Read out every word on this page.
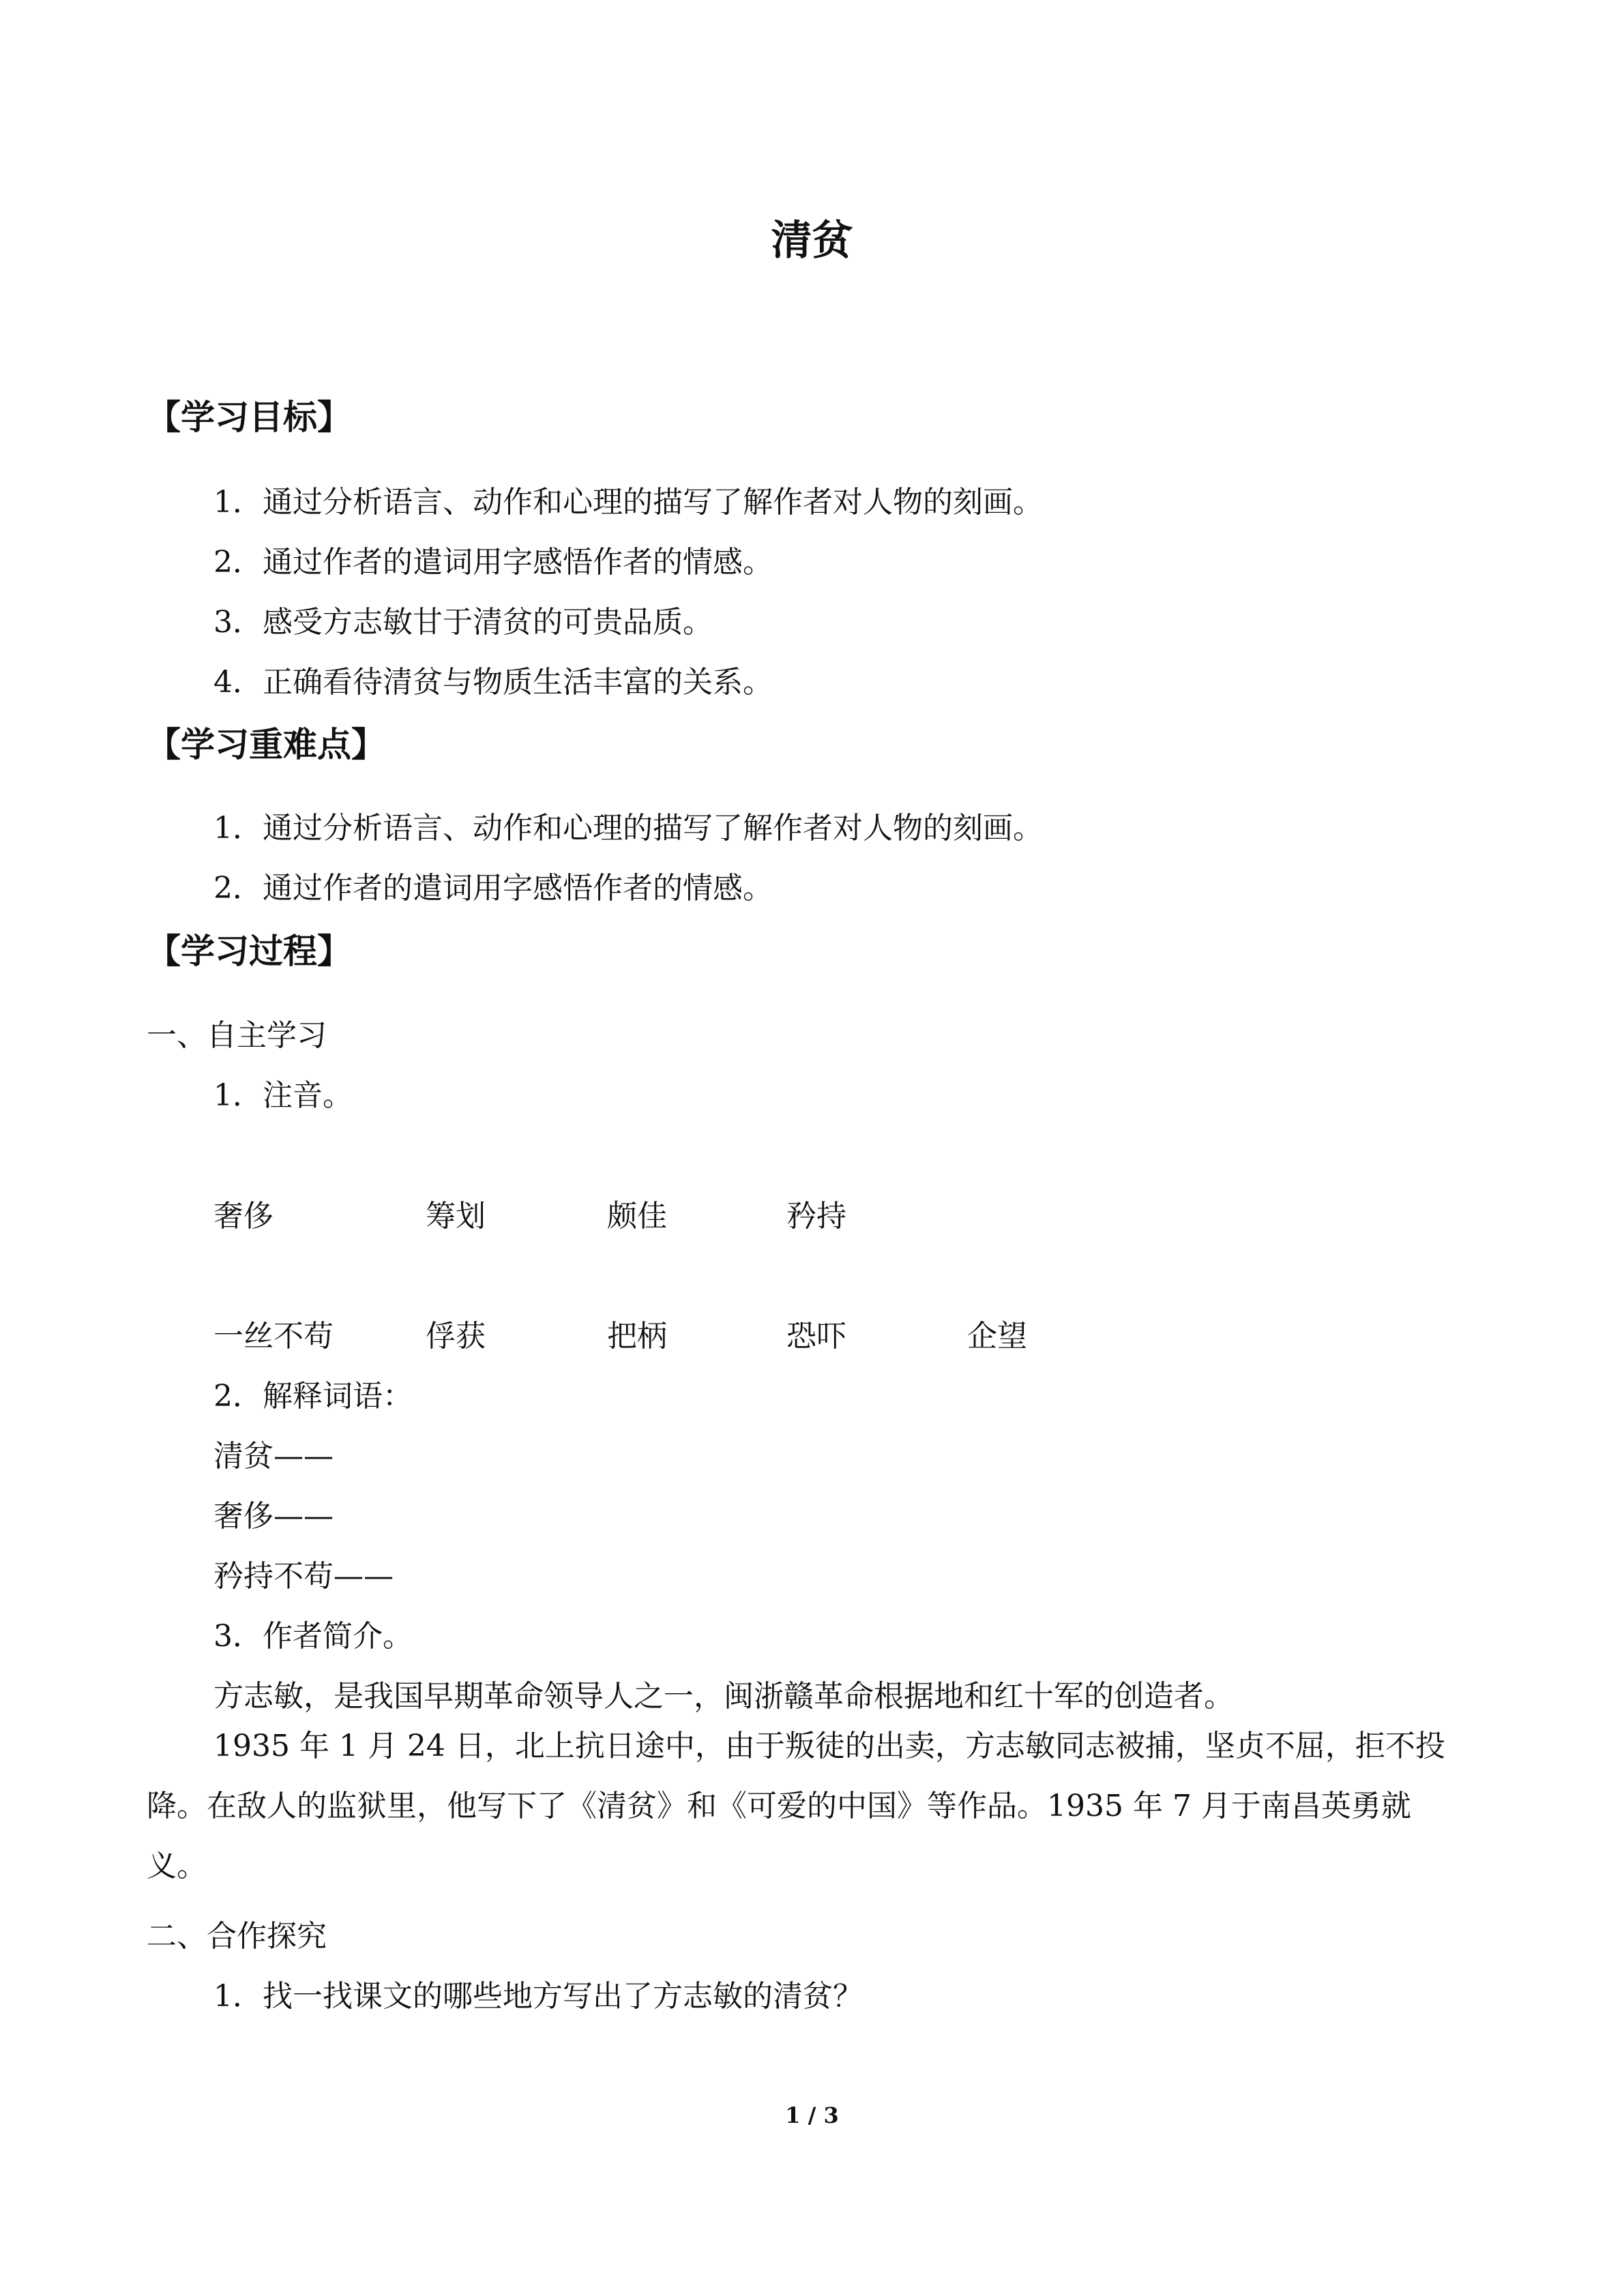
清贫
【学习目标】
1．通过分析语言、动作和心理的描写了解作者对人物的刻画。
2．通过作者的遣词用字感悟作者的情感。
3．感受方志敏甘于清贫的可贵品质。
4．正确看待清贫与物质生活丰富的关系。
【学习重难点】
1．通过分析语言、动作和心理的描写了解作者对人物的刻画。
2．通过作者的遣词用字感悟作者的情感。
【学习过程】
一、自主学习
1．注音。
奢侈	筹划	颇佳	矜持
一丝不苟	俘获	把柄	恐吓	企望
2．解释词语：
清贫——
奢侈——
矜持不苟——
3．作者简介。
方志敏，是我国早期革命领导人之一，闽浙赣革命根据地和红十军的创造者。
1935 年 1 月 24 日，北上抗日途中，由于叛徒的出卖，方志敏同志被捕，坚贞不屈，拒不投降。在敌人的监狱里，他写下了《清贫》和《可爱的中国》等作品。1935 年 7 月于南昌英勇就义。
二、合作探究
1．找一找课文的哪些地方写出了方志敏的清贫？
1 / 3
